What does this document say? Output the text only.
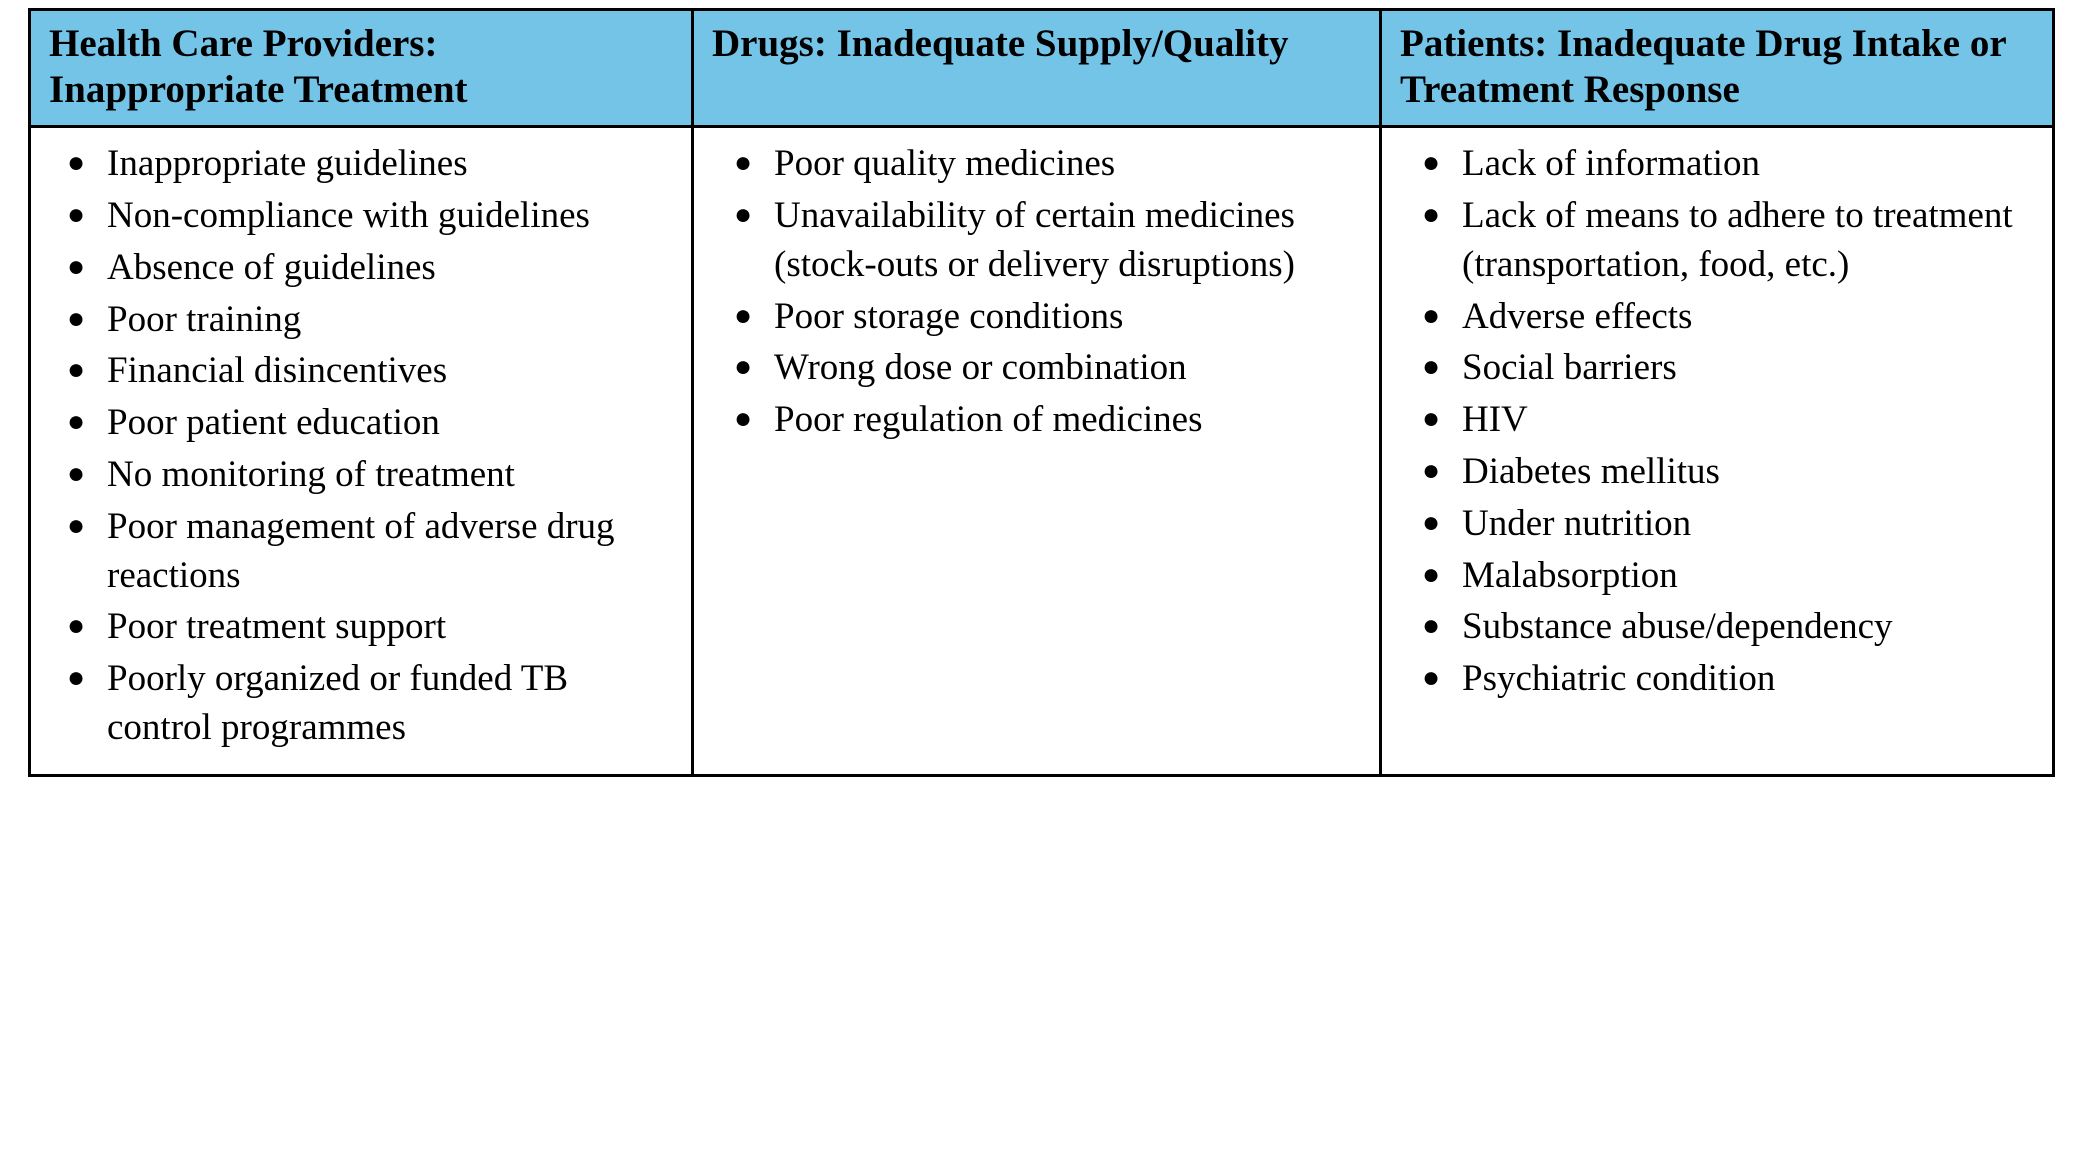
Health Care Providers: Inappropriate Treatment	Drugs: Inadequate Supply/Quality	Patients: Inadequate Drug Intake or Treatment Response

● Inappropriate guidelines
● Non-compliance with guidelines
● Absence of guidelines
● Poor training
● Financial disincentives
● Poor patient education
● No monitoring of treatment
● Poor management of adverse drug reactions
● Poor treatment support
● Poorly organized or funded TB control programmes

● Poor quality medicines
● Unavailability of certain medicines (stock-outs or delivery disruptions)
● Poor storage conditions
● Wrong dose or combination
● Poor regulation of medicines

● Lack of information
● Lack of means to adhere to treatment (transportation, food, etc.)
● Adverse effects
● Social barriers
● HIV
● Diabetes mellitus
● Under nutrition
● Malabsorption
● Substance abuse/dependency
● Psychiatric condition
